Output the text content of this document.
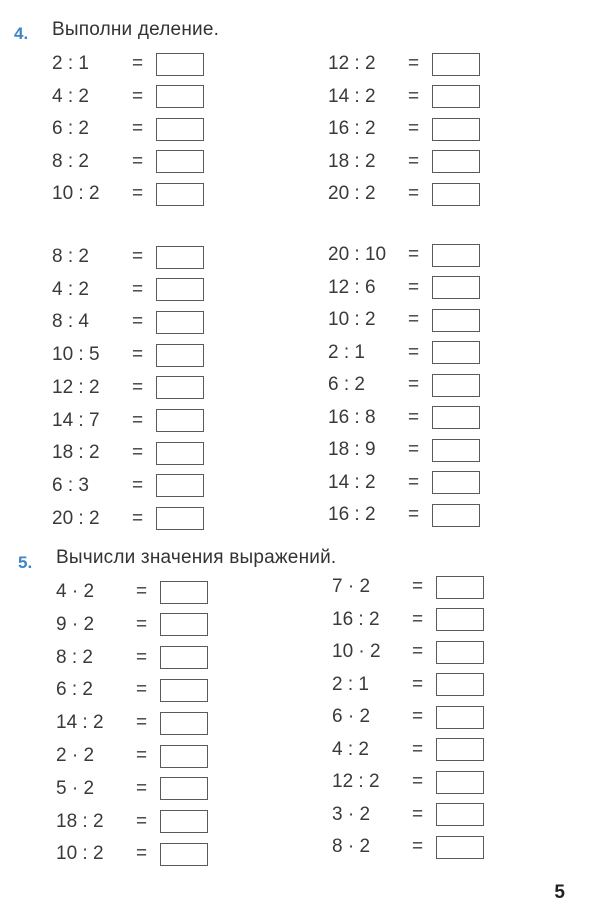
4. Выполни деление.
2 : 1	=
4 : 2	=
6 : 2	=
8 : 2	=
10 : 2	=
12 : 2	=
14 : 2	=
16 : 2	=
18 : 2	=
20 : 2	=
8 : 2	=
4 : 2	=
8 : 4	=
10 : 5	=
12 : 2	=
14 : 7	=
18 : 2	=
6 : 3	=
20 : 2	=
20 : 10	=
12 : 6	=
10 : 2	=
2 : 1	=
6 : 2	=
16 : 8	=
18 : 9	=
14 : 2	=
16 : 2	=
5. Вычисли значения выражений.
4 · 2	=
9 · 2	=
8 : 2	=
6 : 2	=
14 : 2	=
2 · 2	=
5 · 2	=
18 : 2	=
10 : 2	=
7 · 2	=
16 : 2	=
10 · 2	=
2 : 1	=
6 · 2	=
4 : 2	=
12 : 2	=
3 · 2	=
8 · 2	=
5
